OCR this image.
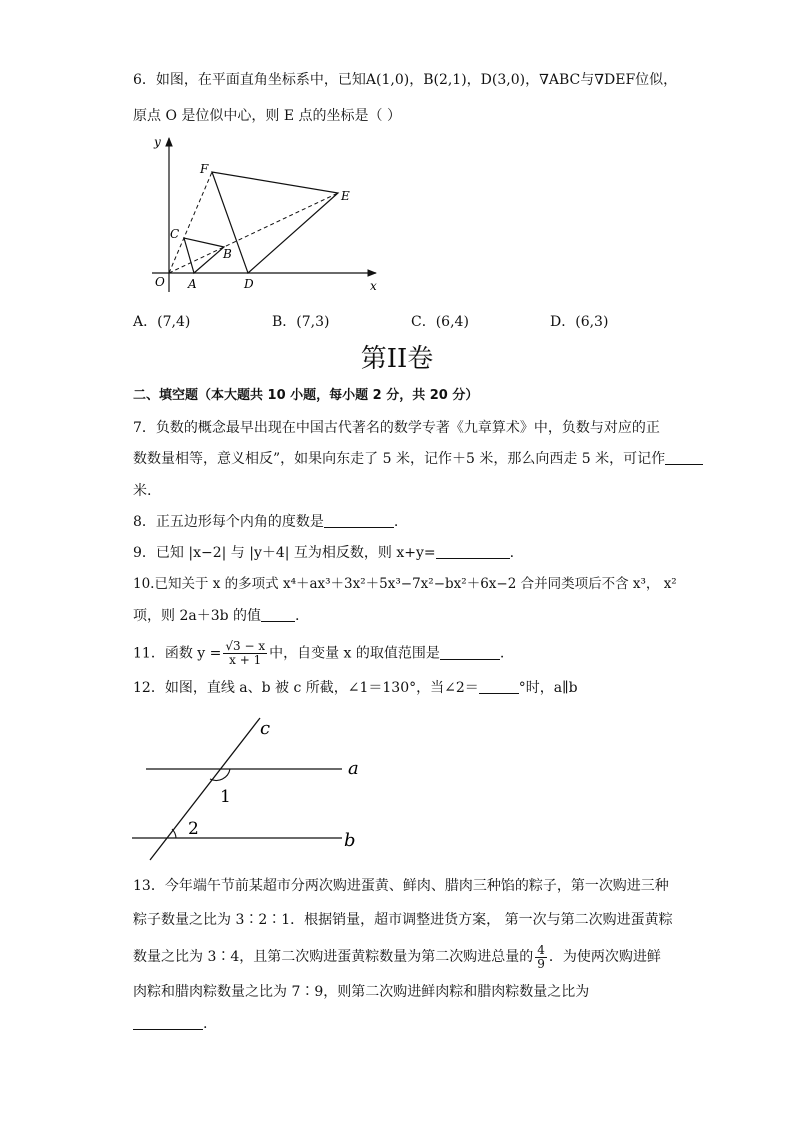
6．如图，在平面直角坐标系中，已知A(1,0)，B(2,1)，D(3,0)，∇ABC与∇DEF位似，
原点 O 是位似中心，则 E 点的坐标是（ ）
y
x
O A
B
C
D
E
F
A．(7,4)	B．(7,3)	C．(6,4)	D．(6,3)
第II卷
二、填空题（本大题共 10 小题，每小题 2 分，共 20 分）
7．负数的概念最早出现在中国古代著名的数学专著《九章算术》中，负数与对应的正
数数量相等，意义相反”，如果向东走了 5 米，记作＋5 米，那么向西走 5 米，可记作
米.
8．正五边形每个内角的度数是	.
9．已知 |x−2| 与 |y＋4| 互为相反数，则 x+y=	.
10.已知关于 x 的多项式 x⁴＋ax³＋3x²＋5x³−7x²−bx²＋6x−2 合并同类项后不含 x³， x²
项，则 2a＋3b 的值 .
11．函数 $y = \frac{√3 - x}{x + 1}$ 中，自变量 x 的取值范围是	.
12．如图，直线 a、b 被 c 所截，∠1＝130°，当∠2＝	°时，a∥b
c
a
b
1
2
13．今年端午节前某超市分两次购进蛋黄、鲜肉、腊肉三种馅的粽子，第一次购进三种
粽子数量之比为 3∶2∶1．根据销量，超市调整进货方案， 第一次与第二次购进蛋黄粽
数量之比为 3∶4，且第二次购进蛋黄粽数量为第二次购进总量的 $\frac{4}{9}$ ．为使两次购进鲜
肉粽和腊肉粽数量之比为 7∶9，则第二次购进鲜肉粽和腊肉粽数量之比为
.
